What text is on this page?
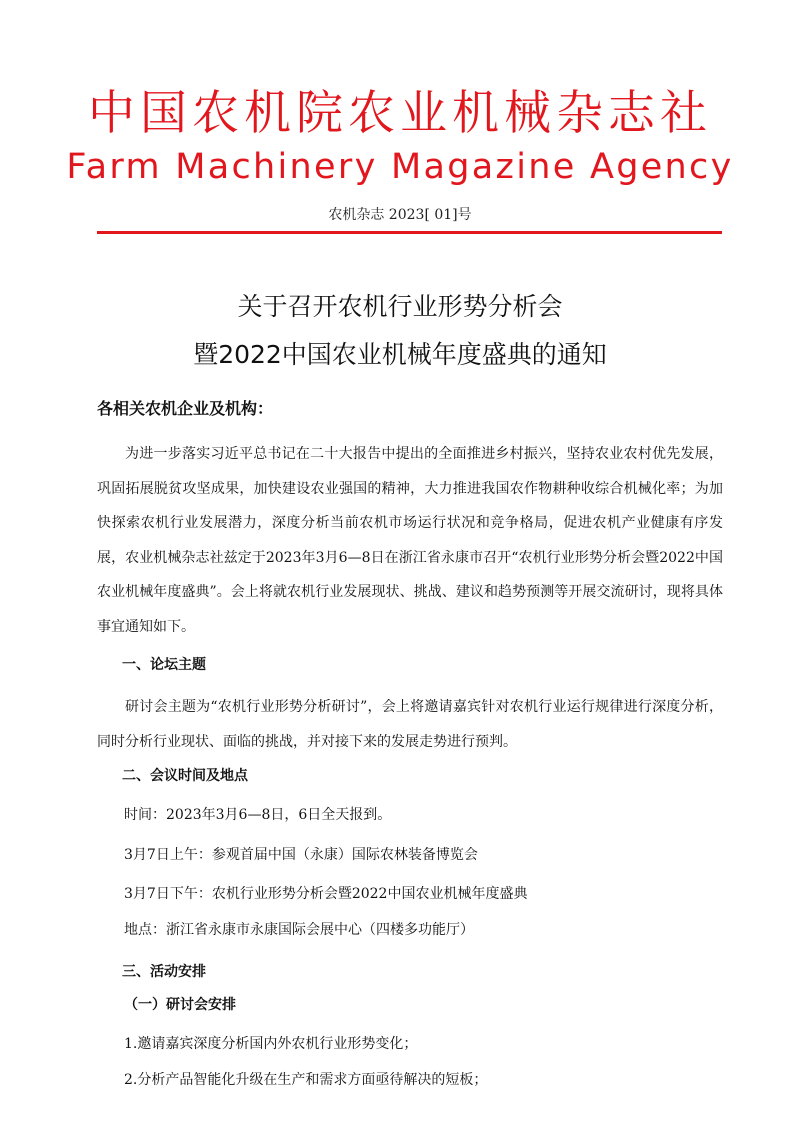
中国农机院农业机械杂志社
Farm Machinery Magazine Agency
农机杂志 2023[ 01]号
关于召开农机行业形势分析会
暨2022中国农业机械年度盛典的通知
各相关农机企业及机构：
为进一步落实习近平总书记在二十大报告中提出的全面推进乡村振兴，坚持农业农村优先发展，巩固拓展脱贫攻坚成果，加快建设农业强国的精神，大力推进我国农作物耕种收综合机械化率；为加快探索农机行业发展潜力，深度分析当前农机市场运行状况和竞争格局，促进农机产业健康有序发展，农业机械杂志社兹定于2023年3月6—8日在浙江省永康市召开“农机行业形势分析会暨2022中国农业机械年度盛典”。会上将就农机行业发展现状、挑战、建议和趋势预测等开展交流研讨，现将具体事宜通知如下。
一、论坛主题
研讨会主题为“农机行业形势分析研讨”，会上将邀请嘉宾针对农机行业运行规律进行深度分析，同时分析行业现状、面临的挑战，并对接下来的发展走势进行预判。
二、会议时间及地点
时间：2023年3月6—8日，6日全天报到。
3月7日上午：参观首届中国（永康）国际农林装备博览会
3月7日下午：农机行业形势分析会暨2022中国农业机械年度盛典
地点：浙江省永康市永康国际会展中心（四楼多功能厅）
三、活动安排
（一）研讨会安排
1.邀请嘉宾深度分析国内外农机行业形势变化；
2.分析产品智能化升级在生产和需求方面亟待解决的短板；
